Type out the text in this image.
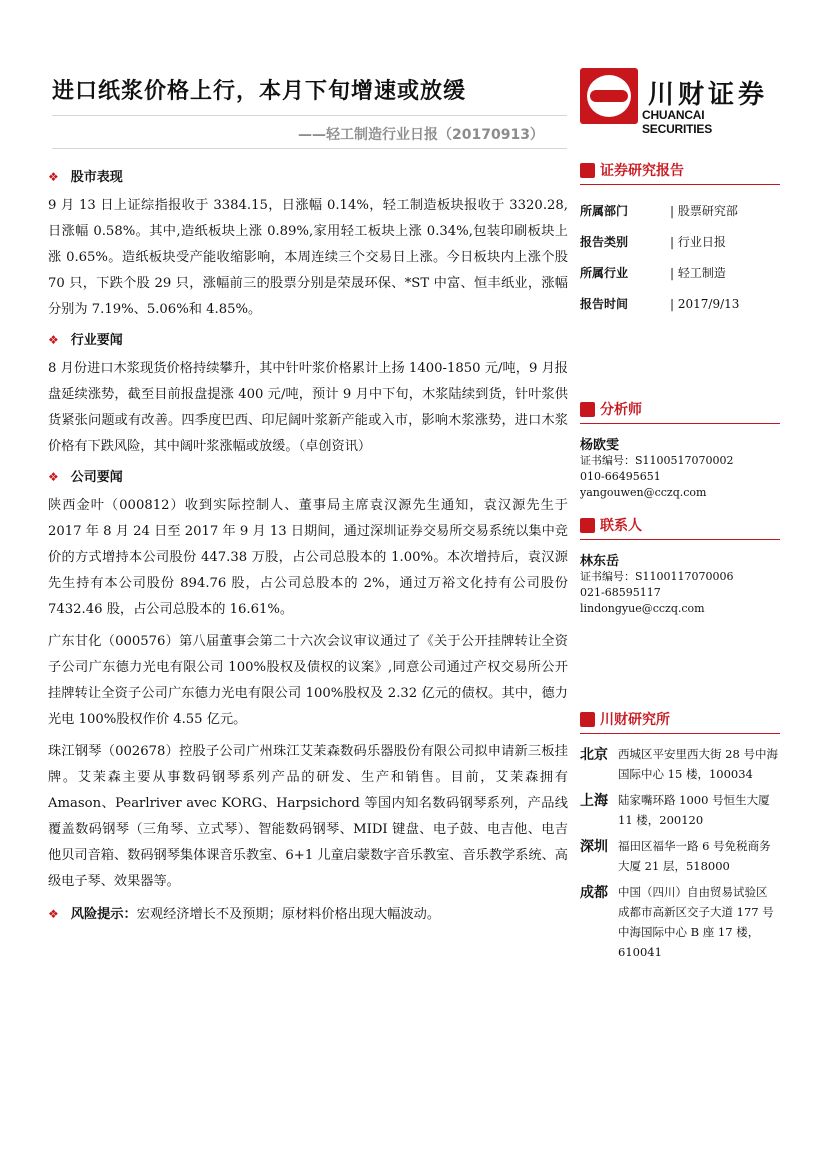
进口纸浆价格上行，本月下旬增速或放缓
——轻工制造行业日报（20170913）
川财证券
CHUANCAI SECURITIES
❖ 股市表现

9 月 13 日上证综指报收于 3384.15，日涨幅 0.14%，轻工制造板块报收于 3320.28,日涨幅 0.58%。其中,造纸板块上涨 0.89%,家用轻工板块上涨 0.34%,包装印刷板块上涨 0.65%。造纸板块受产能收缩影响，本周连续三个交易日上涨。今日板块内上涨个股 70 只，下跌个股 29 只，涨幅前三的股票分别是荣晟环保、*ST 中富、恒丰纸业，涨幅分别为 7.19%、5.06%和 4.85%。

❖ 行业要闻

8 月份进口木浆现货价格持续攀升，其中针叶浆价格累计上扬 1400-1850 元/吨，9 月报盘延续涨势，截至目前报盘提涨 400 元/吨，预计 9 月中下旬，木浆陆续到货，针叶浆供货紧张问题或有改善。四季度巴西、印尼阔叶浆新产能或入市，影响木浆涨势，进口木浆价格有下跌风险，其中阔叶浆涨幅或放缓。（卓创资讯）

❖ 公司要闻

陕西金叶（000812）收到实际控制人、董事局主席袁汉源先生通知，袁汉源先生于 2017 年 8 月 24 日至 2017 年 9 月 13 日期间，通过深圳证券交易所交易系统以集中竞价的方式增持本公司股份 447.38 万股，占公司总股本的 1.00%。本次增持后，袁汉源先生持有本公司股份 894.76 股，占公司总股本的 2%，通过万裕文化持有公司股份 7432.46 股，占公司总股本的 16.61%。

广东甘化（000576）第八届董事会第二十六次会议审议通过了《关于公开挂牌转让全资子公司广东德力光电有限公司 100%股权及债权的议案》,同意公司通过产权交易所公开挂牌转让全资子公司广东德力光电有限公司 100%股权及 2.32 亿元的债权。其中，德力光电 100%股权作价 4.55 亿元。

珠江钢琴（002678）控股子公司广州珠江艾茉森数码乐器股份有限公司拟申请新三板挂牌。艾茉森主要从事数码钢琴系列产品的研发、生产和销售。目前，艾茉森拥有 Amason、Pearlriver avec KORG、Harpsichord 等国内知名数码钢琴系列，产品线覆盖数码钢琴（三角琴、立式琴）、智能数码钢琴、MIDI 键盘、电子鼓、电吉他、电吉他贝司音箱、数码钢琴集体课音乐教室、6+1 儿童启蒙数字音乐教室、音乐教学系统、高级电子琴、效果器等。

❖ 风险提示：宏观经济增长不及预期；原材料价格出现大幅波动。
证券研究报告
所属部门	| 股票研究部
报告类别	| 行业日报
所属行业	| 轻工制造
报告时间	| 2017/9/13
分析师
杨欧雯
证书编号：S1100517070002
010-66495651
yangouwen@cczq.com
联系人
林东岳
证书编号：S1100117070006
021-68595117
lindongyue@cczq.com
川财研究所
北京 西城区平安里西大街 28 号中海国际中心 15 楼，100034
上海 陆家嘴环路 1000 号恒生大厦 11 楼，200120
深圳 福田区福华一路 6 号免税商务大厦 21 层，518000
成都 中国（四川）自由贸易试验区成都市高新区交子大道 177 号中海国际中心 B 座 17 楼，610041
